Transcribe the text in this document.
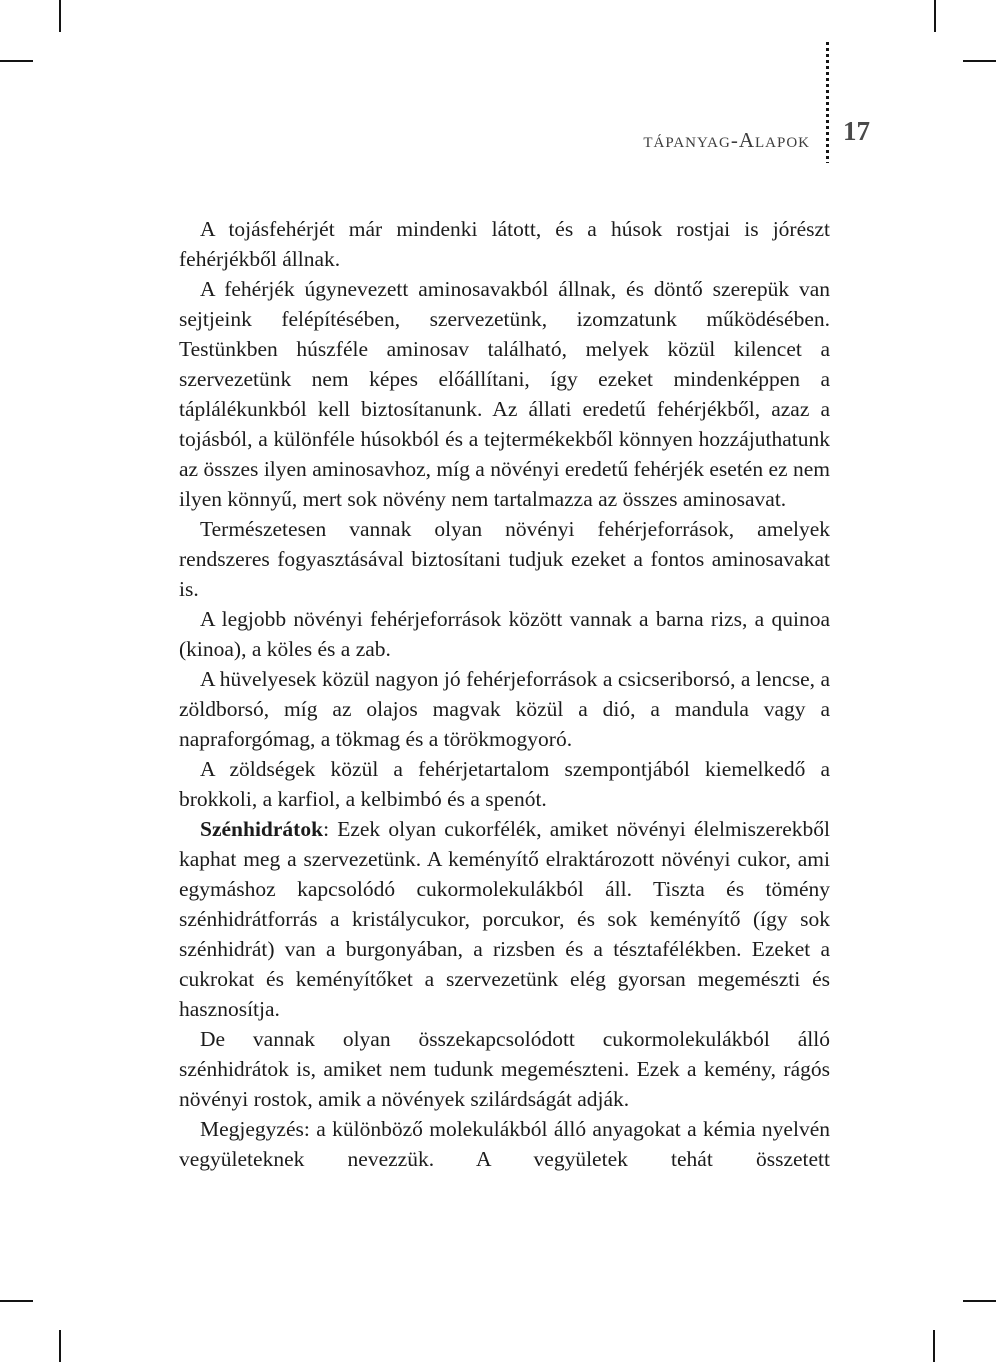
tápanyag-Alapok 17

A tojásfehérjét már mindenki látott, és a húsok rostjai is jórészt fehérjékből állnak.

A fehérjék úgynevezett aminosavakból állnak, és döntő szerepük van sejtjeink felépítésében, szervezetünk, izomzatunk működésében. Testünkben húszféle aminosav található, melyek közül kilencet a szervezetünk nem képes előállítani, így ezeket mindenképpen a táplálékunkból kell biztosítanunk. Az állati eredetű fehérjékből, azaz a tojásból, a különféle húsokból és a tejtermékekből könnyen hozzájuthatunk az összes ilyen aminosavhoz, míg a növényi eredetű fehérjék esetén ez nem ilyen könnyű, mert sok növény nem tartalmazza az összes aminosavat.

Természetesen vannak olyan növényi fehérjeforrások, amelyek rendszeres fogyasztásával biztosítani tudjuk ezeket a fontos aminosavakat is.

A legjobb növényi fehérjeforrások között vannak a barna rizs, a quinoa (kinoa), a köles és a zab.

A hüvelyesek közül nagyon jó fehérjeforrások a csicseriborsó, a lencse, a zöldborsó, míg az olajos magvak közül a dió, a mandula vagy a napraforgómag, a tökmag és a törökmogyoró.

A zöldségek közül a fehérjetartalom szempontjából kiemelkedő a brokkoli, a karfiol, a kelbimbó és a spenót.

Szénhidrátok: Ezek olyan cukorfélék, amiket növényi élelmiszerekből kaphat meg a szervezetünk. A keményítő elraktározott növényi cukor, ami egymáshoz kapcsolódó cukormolekulákból áll. Tiszta és tömény szénhidrátforrás a kristálycukor, porcukor, és sok keményítő (így sok szénhidrát) van a burgonyában, a rizsben és a tésztafélékben. Ezeket a cukrokat és keményítőket a szervezetünk elég gyorsan megemészti és hasznosítja.

De vannak olyan összekapcsolódott cukormolekulákból álló szénhidrátok is, amiket nem tudunk megemészteni. Ezek a kemény, rágós növényi rostok, amik a növények szilárdságát adják.

Megjegyzés: a különböző molekulákból álló anyagokat a kémia nyelvén vegyületeknek nevezzük. A vegyületek tehát összetett
